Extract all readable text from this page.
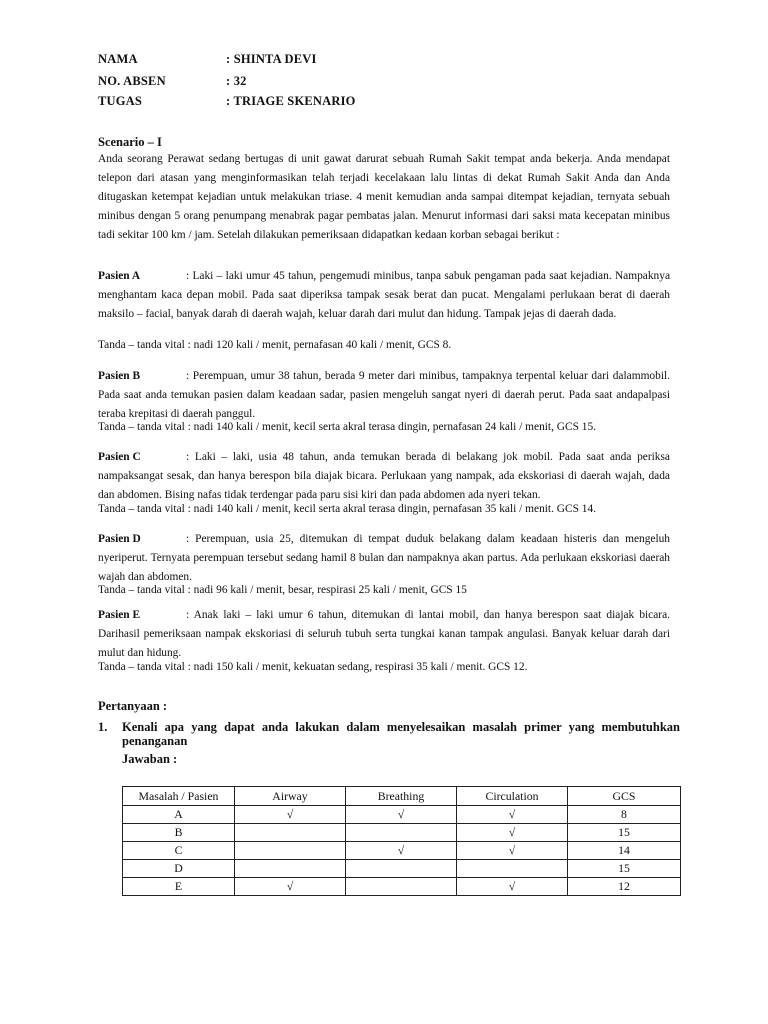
NAMA	: SHINTA DEVI
NO. ABSEN	: 32
TUGAS	: TRIAGE SKENARIO
Scenario – I
Anda seorang Perawat sedang bertugas di unit gawat darurat sebuah Rumah Sakit tempat anda bekerja. Anda mendapat telepon dari atasan yang menginformasikan telah terjadi kecelakaan lalu lintas di dekat Rumah Sakit Anda dan Anda ditugaskan ketempat kejadian untuk melakukan triase. 4 menit kemudian anda sampai ditempat kejadian, ternyata sebuah minibus dengan 5 orang penumpang menabrak pagar pembatas jalan. Menurut informasi dari saksi mata kecepatan minibus tadi sekitar 100 km / jam. Setelah dilakukan pemeriksaan didapatkan kedaan korban sebagai berikut :
Pasien A	: Laki – laki umur 45 tahun, pengemudi minibus, tanpa sabuk pengaman pada saat kejadian. Nampaknya menghantam kaca depan mobil. Pada saat diperiksa tampak sesak berat dan pucat. Mengalami perlukaan berat di daerah maksilo – facial, banyak darah di daerah wajah, keluar darah dari mulut dan hidung. Tampak jejas di daerah dada.
Tanda – tanda vital : nadi 120 kali / menit, pernafasan 40 kali / menit, GCS 8.
Pasien B	: Perempuan, umur 38 tahun, berada 9 meter dari minibus, tampaknya terpental keluar dari dalammobil. Pada saat anda temukan pasien dalam keadaan sadar, pasien mengeluh sangat nyeri di daerah perut. Pada saat andapalpasi teraba krepitasi di daerah panggul.
Tanda – tanda vital : nadi 140 kali / menit, kecil serta akral terasa dingin, pernafasan 24 kali / menit, GCS 15.
Pasien C	: Laki – laki, usia 48 tahun, anda temukan berada di belakang jok mobil. Pada saat anda periksa nampaksangat sesak, dan hanya berespon bila diajak bicara. Perlukaan yang nampak, ada ekskoriasi di daerah wajah, dada dan abdomen. Bising nafas tidak terdengar pada paru sisi kiri dan pada abdomen ada nyeri tekan.
Tanda – tanda vital : nadi 140 kali / menit, kecil serta akral terasa dingin, pernafasan 35 kali / menit. GCS 14.
Pasien D	: Perempuan, usia 25, ditemukan di tempat duduk belakang dalam keadaan histeris dan mengeluh nyeriperut. Ternyata perempuan tersebut sedang hamil 8 bulan dan nampaknya akan partus. Ada perlukaan ekskoriasi daerah wajah dan abdomen.
Tanda – tanda vital : nadi 96 kali / menit, besar, respirasi 25 kali / menit, GCS 15
Pasien E	: Anak laki – laki umur 6 tahun, ditemukan di lantai mobil, dan hanya berespon saat diajak bicara. Darihasil pemeriksaan nampak ekskoriasi di seluruh tubuh serta tungkai kanan tampak angulasi. Banyak keluar darah dari mulut dan hidung.
Tanda – tanda vital : nadi 150 kali / menit, kekuatan sedang, respirasi 35 kali / menit. GCS 12.
Pertanyaan :
1. Kenali apa yang dapat anda lakukan dalam menyelesaikan masalah primer yang membutuhkan penanganan
Jawaban :
Masalah / Pasien	Airway	Breathing	Circulation	GCS
A	√	√	√	8
B			√	15
C		√	√	14
D				15
E	√		√	12
